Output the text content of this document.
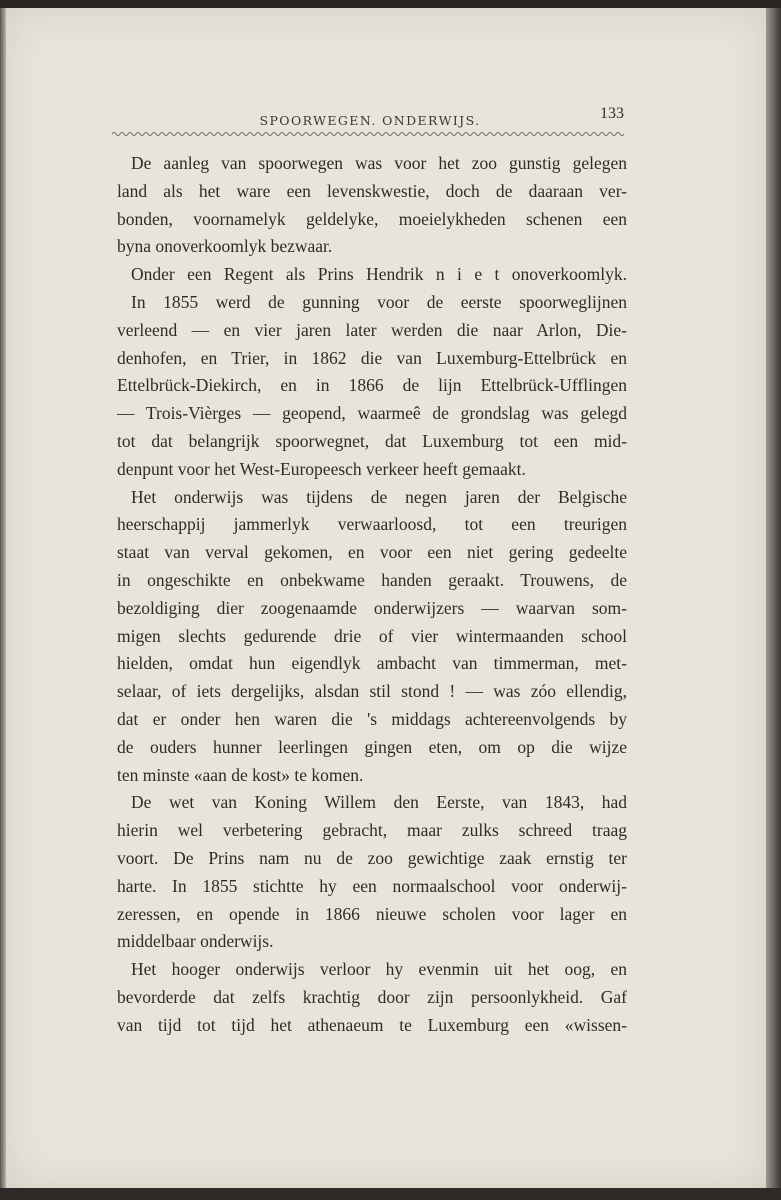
SPOORWEGEN. ONDERWIJS.	133
De aanleg van spoorwegen was voor het zoo gunstig gelegen
land als het ware een levenskwestie, doch de daaraan ver-
bonden, voornamelyk geldelyke, moeielykheden schenen een
byna onoverkoomlyk bezwaar.
Onder een Regent als Prins Hendrik n i e t onoverkoomlyk.
In 1855 werd de gunning voor de eerste spoorweglijnen
verleend — en vier jaren later werden die naar Arlon, Die-
denhofen, en Trier, in 1862 die van Luxemburg-Ettelbrück en
Ettelbrück-Diekirch, en in 1866 de lijn Ettelbrück-Ufflingen
— Trois-Vièrges — geopend, waarmeê de grondslag was gelegd
tot dat belangrijk spoorwegnet, dat Luxemburg tot een mid-
denpunt voor het West-Europeesch verkeer heeft gemaakt.
Het onderwijs was tijdens de negen jaren der Belgische
heerschappij jammerlyk verwaarloosd, tot een treurigen
staat van verval gekomen, en voor een niet gering gedeelte
in ongeschikte en onbekwame handen geraakt. Trouwens, de
bezoldiging dier zoogenaamde onderwijzers — waarvan som-
migen slechts gedurende drie of vier wintermaanden school
hielden, omdat hun eigendlyk ambacht van timmerman, met-
selaar, of iets dergelijks, alsdan stil stond ! — was zóo ellendig,
dat er onder hen waren die 's middags achtereenvolgends by
de ouders hunner leerlingen gingen eten, om op die wijze
ten minste «aan de kost» te komen.
De wet van Koning Willem den Eerste, van 1843, had
hierin wel verbetering gebracht, maar zulks schreed traag
voort. De Prins nam nu de zoo gewichtige zaak ernstig ter
harte. In 1855 stichtte hy een normaalschool voor onderwij-
zeressen, en opende in 1866 nieuwe scholen voor lager en
middelbaar onderwijs.
Het hooger onderwijs verloor hy evenmin uit het oog, en
bevorderde dat zelfs krachtig door zijn persoonlykheid. Gaf
van tijd tot tijd het athenaeum te Luxemburg een «wissen-
